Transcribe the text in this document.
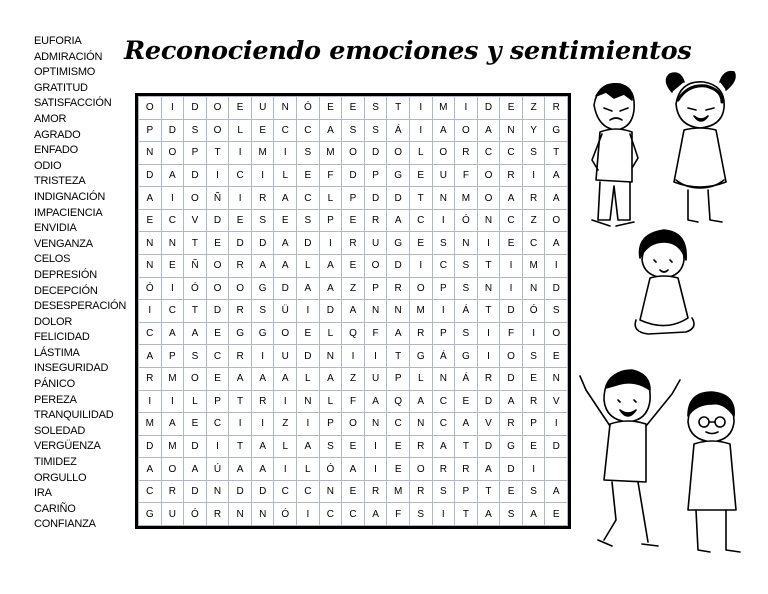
EUFORIA
ADMIRACIÓN
OPTIMISMO
GRATITUD
SATISFACCIÓN
AMOR
AGRADO
ENFADO
ODIO
TRISTEZA
INDIGNACIÓN
IMPACIENCIA
ENVIDIA
VENGANZA
CELOS
DEPRESIÓN
DECEPCIÓN
DESESPERACIÓN
DOLOR
FELICIDAD
LÁSTIMA
INSEGURIDAD
PÁNICO
PEREZA
TRANQUILIDAD
SOLEDAD
VERGÜENZA
TIMIDEZ
ORGULLO
IRA
CARIÑO
CONFIANZA
Reconociendo emociones y sentimientos
O	I	D	O	E	U	N	Ó	E	E	S	T	I	M	I	D	E	Z	R
P	D	S	O	L	E	C	C	A	S	S	Á	I	A	O	A	N	Y	G
N	O	P	T	I	M	I	S	M	O	D	O	L	O	R	C	C	S	T
D	A	D	I	C	I	L	E	F	D	P	G	E	U	F	O	R	I	A
A	I	O	Ñ	I	R	A	C	L	P	D	D	T	N	M	O	A	R	A
E	C	V	D	E	S	E	S	P	E	R	A	C	I	Ó	N	C	Z	O
N	N	T	E	D	D	A	D	I	R	U	G	E	S	N	I	E	C	A
N	E	Ñ	O	R	A	A	L	A	E	O	D	I	C	S	T	I	M	I
Ó	I	Ó	O	O	G	D	A	A	Z	P	R	O	P	S	N	I	N	D
I	C	T	D	R	S	Ü	I	D	A	N	N	M	I	Á	T	D	Ó	S
C	A	A	E	G	G	O	E	L	Q	F	A	R	P	S	I	F	I	O
A	P	S	C	R	I	U	D	N	I	I	T	G	Á	G	I	O	S	E
R	M	O	E	A	A	A	L	A	Z	U	P	L	N	Á	R	D	E	N
I	I	L	P	T	R	I	N	L	F	A	Q	A	C	E	D	A	R	V
M	A	E	C	I	I	Z	I	P	O	N	C	N	C	A	V	R	P	I
D	M	D	I	T	A	L	A	S	E	I	E	R	A	T	D	G	E	D
A	O	A	Ú	A	A	I	L	Ó	A	I	E	O	R	R	A	D	I	
C	R	D	N	D	D	C	C	N	E	R	M	R	S	P	T	E	S	A
G	U	Ó	R	N	N	Ó	I	C	C	A	F	S	I	T	A	S	A	E
